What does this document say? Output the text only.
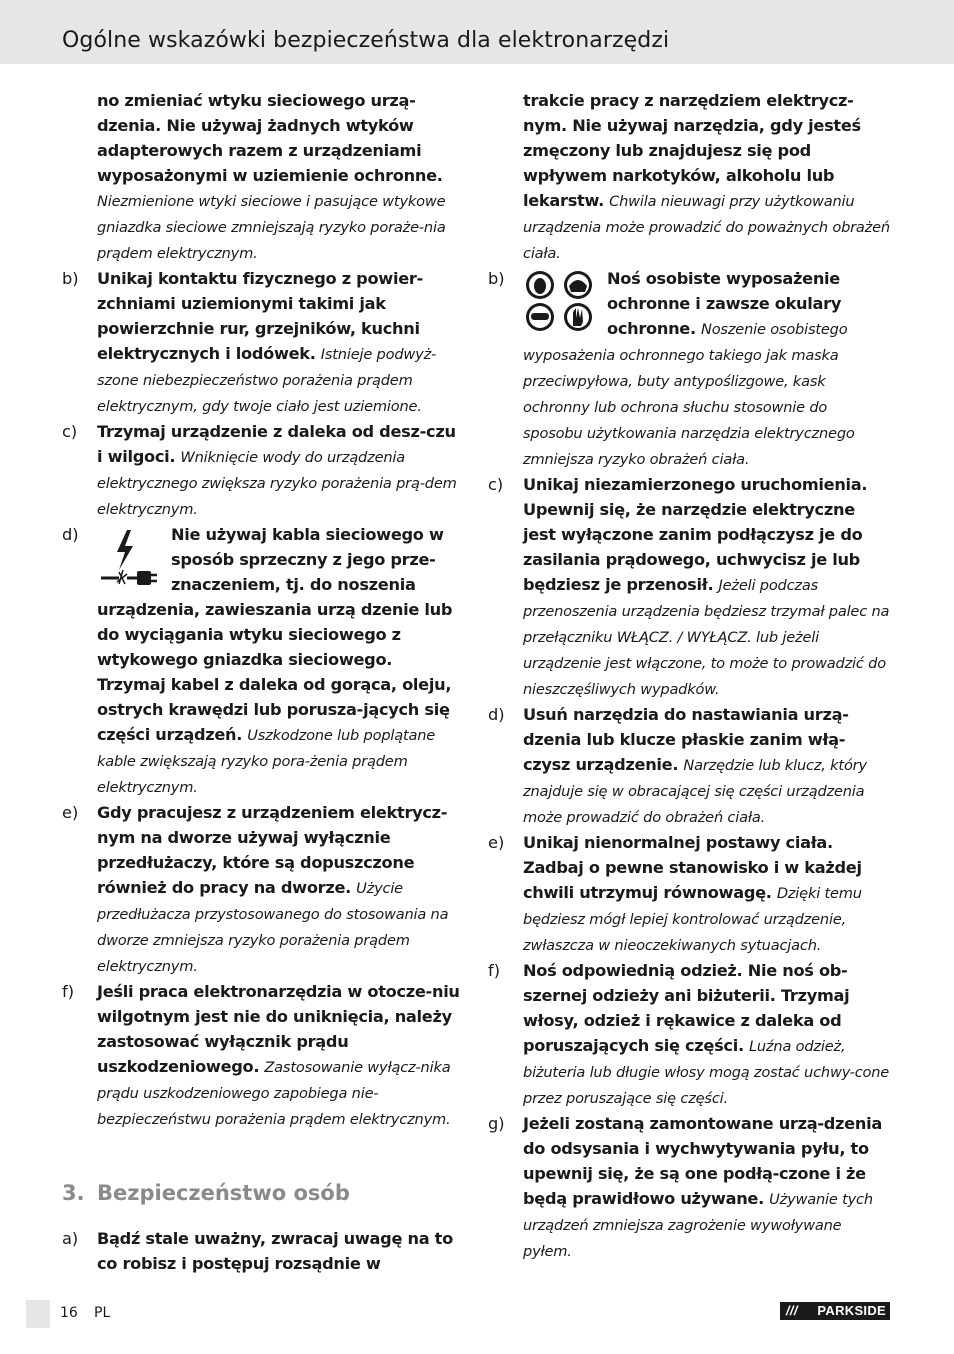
Ogólne wskazówki bezpieczeństwa dla elektronarzędzi
no zmieniać wtyku sieciowego urzą-dzenia. Nie używaj żadnych wtyków adapterowych razem z urządzeniami wyposażonymi w uziemienie ochronne. Niezmienione wtyki sieciowe i pasujące wtykowe gniazdka sieciowe zmniejszają ryzyko poraże-nia prądem elektrycznym.
b) Unikaj kontaktu fizycznego z powier-zchniami uziemionymi takimi jak powierzchnie rur, grzejników, kuchni elektrycznych i lodówek. Istnieje podwyż-szone niebezpieczeństwo porażenia prądem elektrycznym, gdy twoje ciało jest uziemione.
c) Trzymaj urządzenie z daleka od desz-czu i wilgoci. Wniknięcie wody do urządzenia elektrycznego zwiększa ryzyko porażenia prą-dem elektrycznym.
d)	Nie używaj kabla sieciowego w sposób sprzeczny z jego prze-znaczeniem, tj. do noszenia urządzenia, zawieszania urzą dzenie lub do wyciągania wtyku sieciowego z wtykowego gniazdka sieciowego. Trzymaj kabel z daleka od gorąca, oleju, ostrych krawędzi lub porusza-jących się części urządzeń. Uszkodzone lub poplątane kable zwiększają ryzyko pora-żenia prądem elektrycznym.
e) Gdy pracujesz z urządzeniem elektrycz-nym na dworze używaj wyłącznie przedłużaczy, które są dopuszczone również do pracy na dworze. Użycie przedłużacza przystosowanego do stosowania na dworze zmniejsza ryzyko porażenia prądem elektrycznym.
f) Jeśli praca elektronarzędzia w otocze-niu wilgotnym jest nie do uniknięcia, należy zastosować wyłącznik prądu uszkodzeniowego. Zastosowanie wyłącz-nika prądu uszkodzeniowego zapobiega nie-bezpieczeństwu porażenia prądem elektrycznym.
3. Bezpieczeństwo osób
a) Bądź stale uważny, zwracaj uwagę na to co robisz i postępuj rozsądnie w
trakcie pracy z narzędziem elektrycz-nym. Nie używaj narzędzia, gdy jesteś zmęczony lub znajdujesz się pod wpływem narkotyków, alkoholu lub lekarstw. Chwila nieuwagi przy użytkowaniu urządzenia może prowadzić do poważnych obrażeń ciała.
b)	Noś osobiste wyposażenie ochronne i zawsze okulary ochronne. Noszenie osobistego wyposażenia ochronnego takiego jak maska przeciwpyłowa, buty antypoślizgowe, kask ochronny lub ochrona słuchu stosownie do sposobu użytkowania narzędzia elektrycznego zmniejsza ryzyko obrażeń ciała.
c) Unikaj niezamierzonego uruchomienia. Upewnij się, że narzędzie elektryczne jest wyłączone zanim podłączysz je do zasilania prądowego, uchwycisz je lub będziesz je przenosił. Jeżeli podczas przenoszenia urządzenia będziesz trzymał palec na przełączniku WŁĄCZ. / WYŁĄCZ. lub jeżeli urządzenie jest włączone, to może to prowadzić do nieszczęśliwych wypadków.
d) Usuń narzędzia do nastawiania urzą-dzenia lub klucze płaskie zanim włą-czysz urządzenie. Narzędzie lub klucz, który znajduje się w obracającej się części urządzenia może prowadzić do obrażeń ciała.
e) Unikaj nienormalnej postawy ciała. Zadbaj o pewne stanowisko i w każdej chwili utrzymuj równowagę. Dzięki temu będziesz mógł lepiej kontrolować urządzenie, zwłaszcza w nieoczekiwanych sytuacjach.
f) Noś odpowiednią odzież. Nie noś ob-szernej odzieży ani biżuterii. Trzymaj włosy, odzież i rękawice z daleka od poruszających się części. Luźna odzież, biżuteria lub długie włosy mogą zostać uchwy-cone przez poruszające się części.
g) Jeżeli zostaną zamontowane urzą-dzenia do odsysania i wychwytywania pyłu, to upewnij się, że są one podłą-czone i że będą prawidłowo używane. Używanie tych urządzeń zmniejsza zagrożenie wywoływane pyłem.
16 PL	/// PARKSIDE
